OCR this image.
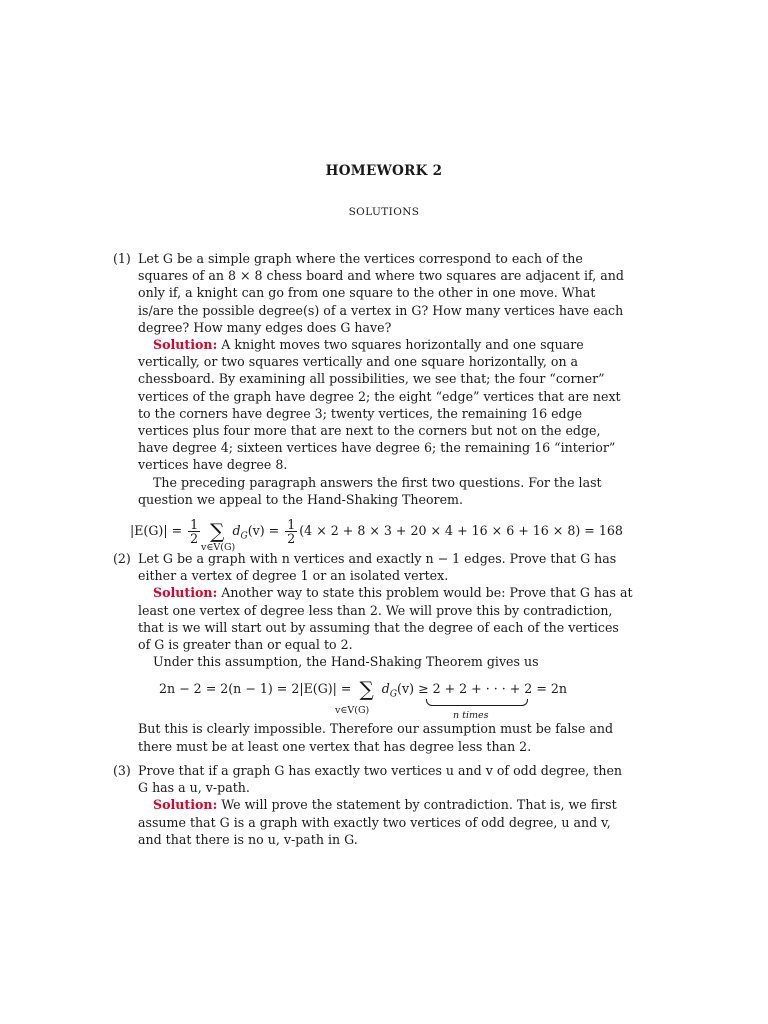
HOMEWORK 2
SOLUTIONS
(1) Let G be a simple graph where the vertices correspond to each of the squares of an 8 × 8 chess board and where two squares are adjacent if, and only if, a knight can go from one square to the other in one move. What is/are the possible degree(s) of a vertex in G? How many vertices have each degree? How many edges does G have?

Solution: A knight moves two squares horizontally and one square vertically, or two squares vertically and one square horizontally, on a chessboard. By examining all possibilities, we see that; the four “corner” vertices of the graph have degree 2; the eight “edge” vertices that are next to the corners have degree 3; twenty vertices, the remaining 16 edge vertices plus four more that are next to the corners but not on the edge, have degree 4; sixteen vertices have degree 6; the remaining 16 “interior” vertices have degree 8.

The preceding paragraph answers the first two questions. For the last question we appeal to the Hand-Shaking Theorem.

$|E(G)| = \frac{1}{2}$ ∑ $d_G(v) = \frac{1}{2} (4 \times 2 + 8 \times 3 + 20 \times 4 + 16 \times 6 + 16 \times 8) = 168$
v∈V(G)
(2) Let G be a graph with n vertices and exactly n − 1 edges. Prove that G has either a vertex of degree 1 or an isolated vertex.

Solution: Another way to state this problem would be: Prove that G has at least one vertex of degree less than 2. We will prove this by contradiction, that is we will start out by assuming that the degree of each of the vertices of G is greater than or equal to 2.

Under this assumption, the Hand-Shaking Theorem gives us

2n − 2 = 2(n − 1) = 2|E(G)| = ∑ $d_G(v) \ge 2 + 2$ + · · · + 2 = 2n
v∈V(G)	n times

But this is clearly impossible. Therefore our assumption must be false and there must be at least one vertex that has degree less than 2.

(3) Prove that if a graph G has exactly two vertices u and v of odd degree, then G has a u, v-path.

Solution: We will prove the statement by contradiction. That is, we first assume that G is a graph with exactly two vertices of odd degree, u and v, and that there is no u, v-path in G.
